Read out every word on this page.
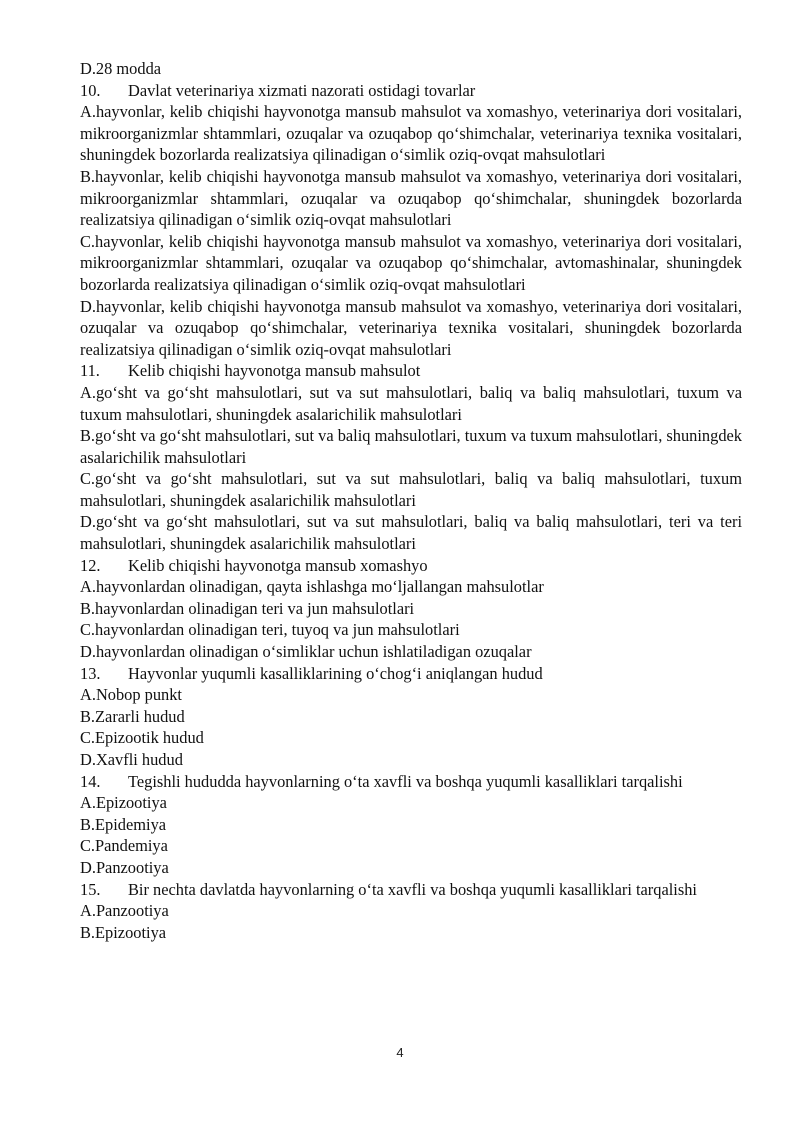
D.28 modda

10. Davlat veterinariya xizmati nazorati ostidagi tovarlar

A.hayvonlar, kelib chiqishi hayvonotga mansub mahsulot va xomashyo, veterinariya dori vositalari, mikroorganizmlar shtammlari, ozuqalar va ozuqabop qo‘shimchalar, veterinariya texnika vositalari, shuningdek bozorlarda realizatsiya qilinadigan o‘simlik oziq-ovqat mahsulotlari

B.hayvonlar, kelib chiqishi hayvonotga mansub mahsulot va xomashyo, veterinariya dori vositalari, mikroorganizmlar shtammlari, ozuqalar va ozuqabop qo‘shimchalar, shuningdek bozorlarda realizatsiya qilinadigan o‘simlik oziq-ovqat mahsulotlari

C.hayvonlar, kelib chiqishi hayvonotga mansub mahsulot va xomashyo, veterinariya dori vositalari, mikroorganizmlar shtammlari, ozuqalar va ozuqabop qo‘shimchalar, avtomashinalar, shuningdek bozorlarda realizatsiya qilinadigan o‘simlik oziq-ovqat mahsulotlari

D.hayvonlar, kelib chiqishi hayvonotga mansub mahsulot va xomashyo, veterinariya dori vositalari, ozuqalar va ozuqabop qo‘shimchalar, veterinariya texnika vositalari, shuningdek bozorlarda realizatsiya qilinadigan o‘simlik oziq-ovqat mahsulotlari

11. Kelib chiqishi hayvonotga mansub mahsulot

A.go‘sht va go‘sht mahsulotlari, sut va sut mahsulotlari, baliq va baliq mahsulotlari, tuxum va tuxum mahsulotlari, shuningdek asalarichilik mahsulotlari

B.go‘sht va go‘sht mahsulotlari, sut va baliq mahsulotlari, tuxum va tuxum mahsulotlari, shuningdek asalarichilik mahsulotlari

C.go‘sht va go‘sht mahsulotlari, sut va sut mahsulotlari, baliq va baliq mahsulotlari, tuxum mahsulotlari, shuningdek asalarichilik mahsulotlari

D.go‘sht va go‘sht mahsulotlari, sut va sut mahsulotlari, baliq va baliq mahsulotlari, teri va teri mahsulotlari, shuningdek asalarichilik mahsulotlari

12. Kelib chiqishi hayvonotga mansub xomashyo

A.hayvonlardan olinadigan, qayta ishlashga mo‘ljallangan mahsulotlar

B.hayvonlardan olinadigan teri va jun mahsulotlari

C.hayvonlardan olinadigan teri, tuyoq va jun mahsulotlari

D.hayvonlardan olinadigan o‘simliklar uchun ishlatiladigan ozuqalar

13. Hayvonlar yuqumli kasalliklarining o‘chog‘i aniqlangan hudud

A.Nobop punkt

B.Zararli hudud

C.Epizootik hudud

D.Xavfli hudud

14. Tegishli hududda hayvonlarning o‘ta xavfli va boshqa yuqumli kasalliklari tarqalishi

A.Epizootiya

B.Epidemiya

C.Pandemiya

D.Panzootiya

15. Bir nechta davlatda hayvonlarning o‘ta xavfli va boshqa yuqumli kasalliklari tarqalishi

A.Panzootiya

B.Epizootiya

4
